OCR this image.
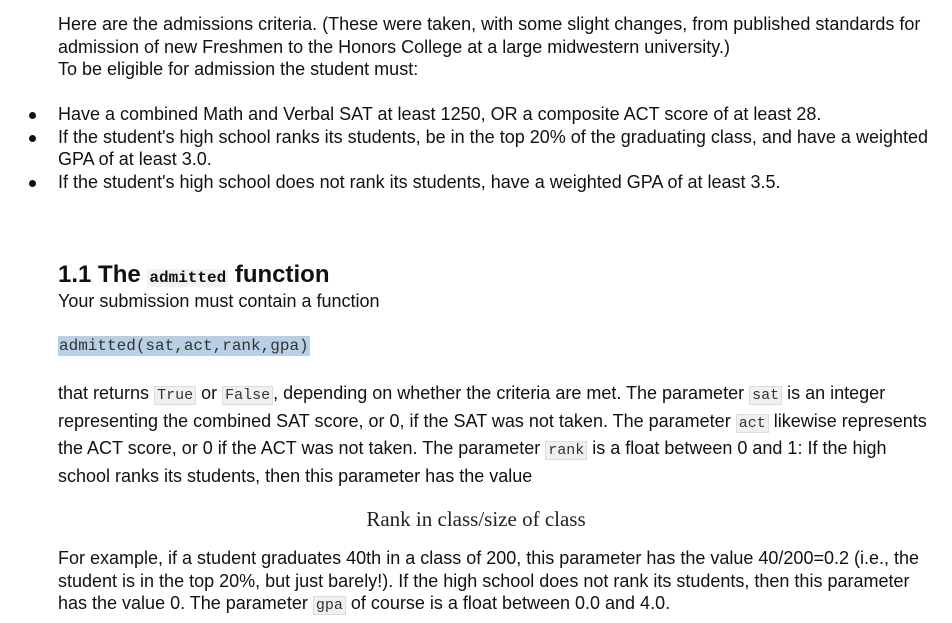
Here are the admissions criteria. (These were taken, with some slight changes, from published standards for admission of new Freshmen to the Honors College at a large midwestern university.)
To be eligible for admission the student must:
Have a combined Math and Verbal SAT at least 1250, OR a composite ACT score of at least 28.
If the student's high school ranks its students, be in the top 20% of the graduating class, and have a weighted GPA of at least 3.0.
If the student's high school does not rank its students, have a weighted GPA of at least 3.5.
1.1 The admitted function

Your submission must contain a function

admitted(sat,act,rank,gpa)

that returns True or False , depending on whether the criteria are met. The parameter sat is an integer representing the combined SAT score, or 0, if the SAT was not taken. The parameter act likewise represents the ACT score, or 0 if the ACT was not taken. The parameter rank is a float between 0 and 1: If the high school ranks its students, then this parameter has the value

Rank in class/size of class

For example, if a student graduates 40th in a class of 200, this parameter has the value 40/200=0.2 (i.e., the student is in the top 20%, but just barely!). If the high school does not rank its students, then this parameter has the value 0. The parameter gpa of course is a float between 0.0 and 4.0.
